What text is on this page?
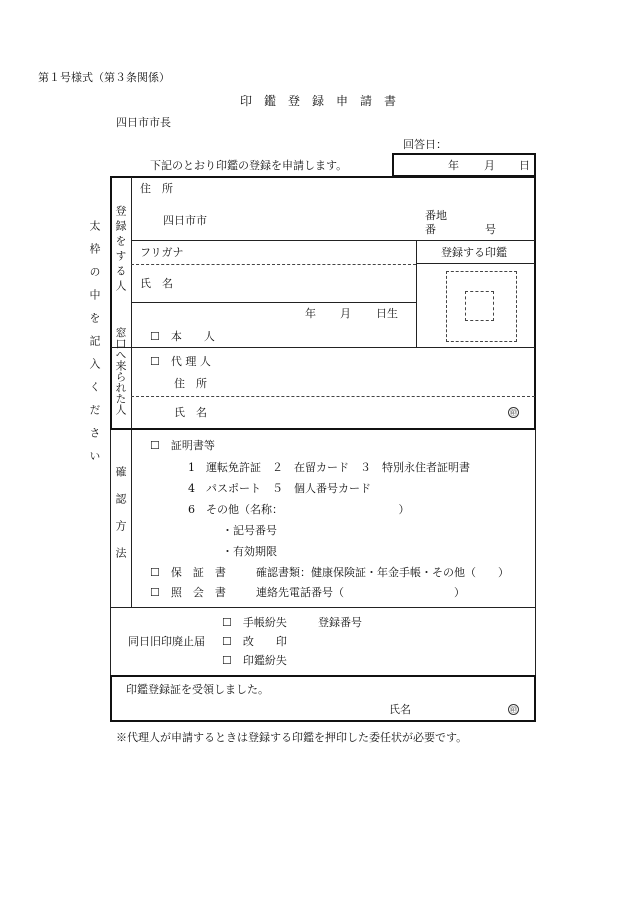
第１号様式（第３条関係）
印　鑑　登　録　申　請　書
四日市市長
回答日：
下記のとおり印鑑の登録を申請します。	年 月 日
太枠の中を記入ください 登録をする人
住　所
四日市市	番地
番	号
フリガナ	登録する印鑑
氏　名
年 月 日生
窓口へ来られた人 ☐　本　　人
☐　代 理 人
住　所
氏　名	㊞
確認方法
☐　証明書等
1　運転免許証　２　在留カード　３　特別永住者証明書
4　パスポート　５　個人番号カード
6　その他（名称：　　　　　　　　　　　）
・記号番号
・有効期限
☐　保　証　書	確認書類：健康保険証・年金手帳・その他（　　）
☐　照　会　書	連絡先電話番号（　　　　　　　　　　）
同日旧印廃止届
☐　手帳紛失	登録番号
☐　改　　印
☐　印鑑紛失
印鑑登録証を受領しました。
氏名	㊞
※代理人が申請するときは登録する印鑑を押印した委任状が必要です。
